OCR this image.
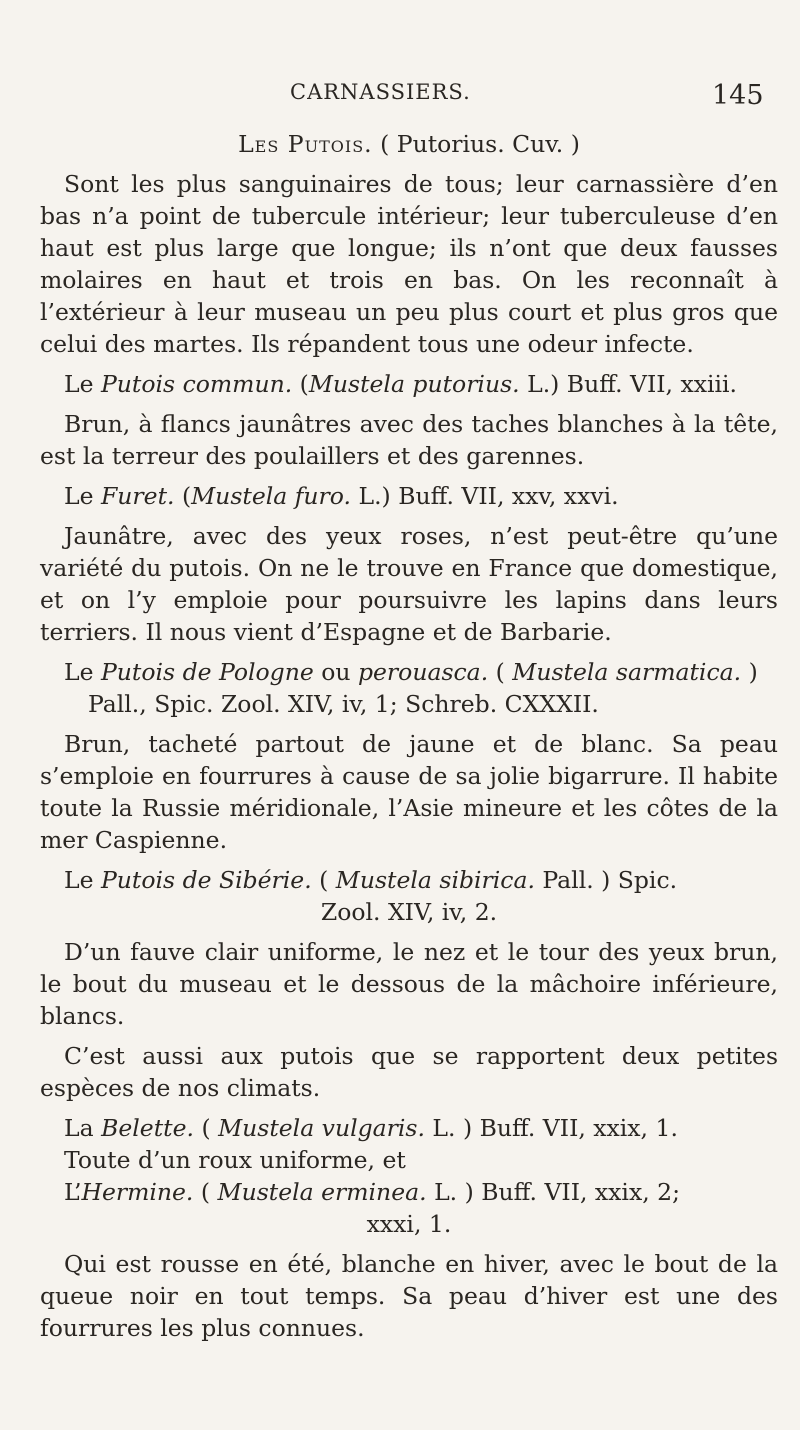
CARNASSIERS.	145

Les Putois. ( Putorius. Cuv. )

Sont les plus sanguinaires de tous; leur carnassière d’en bas n’a point de tubercule intérieur; leur tuberculeuse d’en haut est plus large que longue; ils n’ont que deux fausses molaires en haut et trois en bas. On les reconnaît à l’extérieur à leur museau un peu plus court et plus gros que celui des martes. Ils répandent tous une odeur infecte.

Le Putois commun. (Mustela putorius. L.) Buff. VII, xxiii.

Brun, à flancs jaunâtres avec des taches blanches à la tête, est la terreur des poulaillers et des garennes.

Le Furet. (Mustela furo. L.) Buff. VII, xxv, xxvi.

Jaunâtre, avec des yeux roses, n’est peut-être qu’une variété du putois. On ne le trouve en France que domestique, et on l’y emploie pour poursuivre les lapins dans leurs terriers. Il nous vient d’Espagne et de Barbarie.

Le Putois de Pologne ou perouasca. ( Mustela sarmatica. )

Pall., Spic. Zool. XIV, iv, 1; Schreb. CXXXII.

Brun, tacheté partout de jaune et de blanc. Sa peau s’emploie en fourrures à cause de sa jolie bigarrure. Il habite toute la Russie méridionale, l’Asie mineure et les côtes de la mer Caspienne.

Le Putois de Sibérie. ( Mustela sibirica. Pall. ) Spic.

Zool. XIV, iv, 2.

D’un fauve clair uniforme, le nez et le tour des yeux brun, le bout du museau et le dessous de la mâchoire inférieure, blancs.

C’est aussi aux putois que se rapportent deux petites espèces de nos climats.

La Belette. ( Mustela vulgaris. L. ) Buff. VII, xxix, 1.

Toute d’un roux uniforme, et

L’Hermine. ( Mustela erminea. L. ) Buff. VII, xxix, 2;

xxxi, 1.

Qui est rousse en été, blanche en hiver, avec le bout de la queue noir en tout temps. Sa peau d’hiver est une des fourrures les plus connues.
